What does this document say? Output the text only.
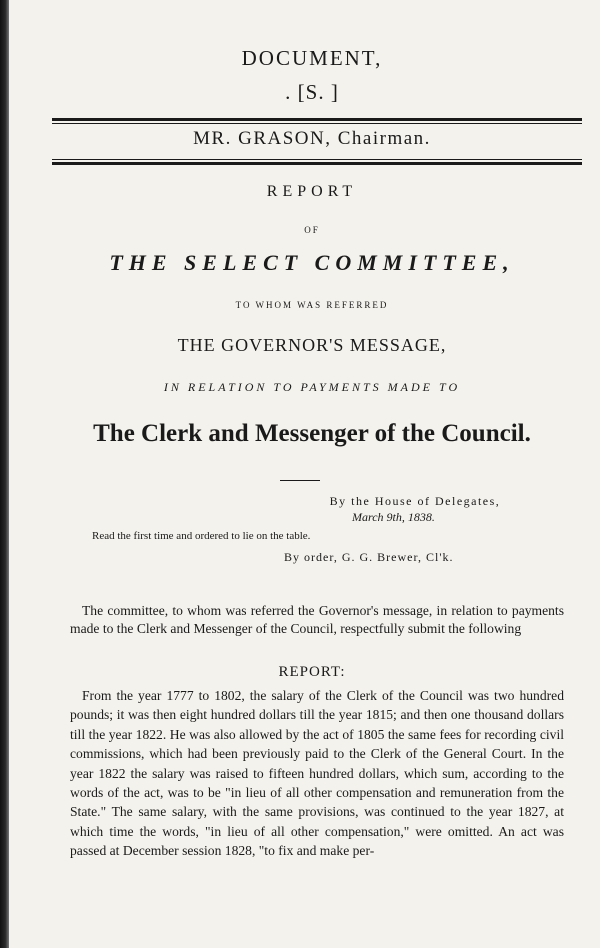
DOCUMENT,
. [S. ]
MR. GRASON, Chairman.
REPORT
OF
THE SELECT COMMITTEE,
TO WHOM WAS REFERRED
THE GOVERNOR'S MESSAGE,
IN RELATION TO PAYMENTS MADE TO
The Clerk and Messenger of the Council.
By the House of Delegates,
March 9th, 1838.
Read the first time and ordered to lie on the table.
By order, G. G. Brewer, Cl'k.

The committee, to whom was referred the Governor's message, in relation to payments made to the Clerk and Messenger of the Council, respectfully submit the following

REPORT:

From the year 1777 to 1802, the salary of the Clerk of the Council was two hundred pounds; it was then eight hundred dollars till the year 1815; and then one thousand dollars till the year 1822. He was also allowed by the act of 1805 the same fees for recording civil commissions, which had been previously paid to the Clerk of the General Court. In the year 1822 the salary was raised to fifteen hundred dollars, which sum, according to the words of the act, was to be "in lieu of all other compensation and remuneration from the State." The same salary, with the same provisions, was continued to the year 1827, at which time the words, "in lieu of all other compensation," were omitted. An act was passed at December session 1828, "to fix and make per-
